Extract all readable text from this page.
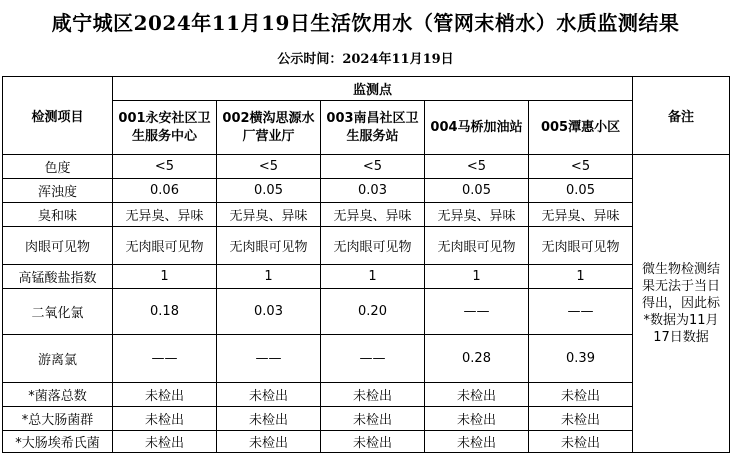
咸宁城区2024年11月19日生活饮用水（管网末梢水）水质监测结果
公示时间：2024年11月19日
检测项目	监测点					备注
	001永安社区卫生服务中心	002横沟思源水厂营业厅	003南昌社区卫生服务站	004马桥加油站	005潭惠小区	
色度	<5	<5	<5	<5	<5	微生物检测结果无法于当日得出，因此标*数据为11月17日数据

浑浊度	0.06	0.05	0.03	0.05	0.05	
臭和味	无异臭、异味	无异臭、异味	无异臭、异味	无异臭、异味	无异臭、异味	
肉眼可见物	无肉眼可见物	无肉眼可见物	无肉眼可见物	无肉眼可见物	无肉眼可见物	
高锰酸盐指数	1	1	1	1	1	
二氧化氯	0.18	0.03	0.20	——	——	
游离氯	——	——	——	0.28	0.39	
*菌落总数	未检出	未检出	未检出	未检出	未检出	
*总大肠菌群	未检出	未检出	未检出	未检出	未检出	
*大肠埃希氏菌	未检出	未检出	未检出	未检出	未检出	
